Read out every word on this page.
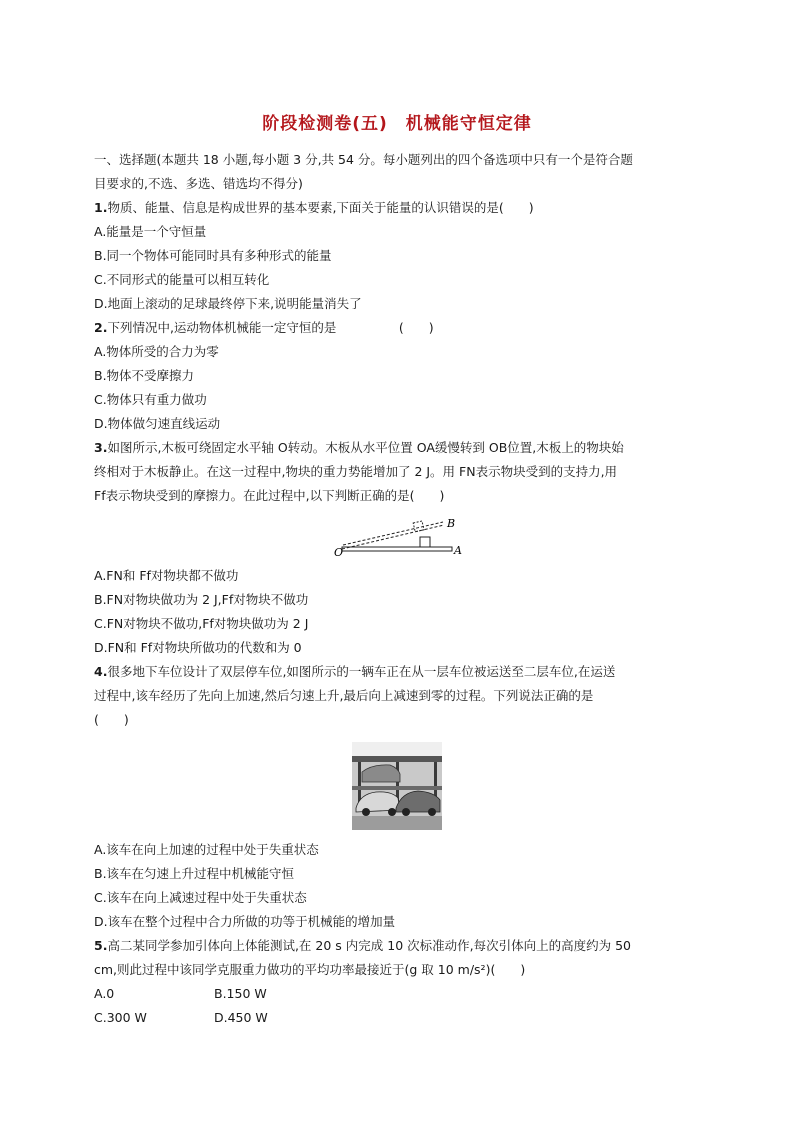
阶段检测卷(五)　机械能守恒定律
一、选择题(本题共 18 小题,每小题 3 分,共 54 分。每小题列出的四个备选项中只有一个是符合题
目要求的,不选、多选、错选均不得分)
1.物质、能量、信息是构成世界的基本要素,下面关于能量的认识错误的是(　　)
A.能量是一个守恒量
B.同一个物体可能同时具有多种形式的能量
C.不同形式的能量可以相互转化
D.地面上滚动的足球最终停下来,说明能量消失了
2.下列情况中,运动物体机械能一定守恒的是　　　　　(　　)
A.物体所受的合力为零
B.物体不受摩擦力
C.物体只有重力做功
D.物体做匀速直线运动
3.如图所示,木板可绕固定水平轴 O转动。木板从水平位置 OA缓慢转到 OB位置,木板上的物块始
终相对于木板静止。在这一过程中,物块的重力势能增加了 2 J。用 FN表示物块受到的支持力,用
Ff表示物块受到的摩擦力。在此过程中,以下判断正确的是(　　)
O	A
B
A.FN和 Ff对物块都不做功
B.FN对物块做功为 2 J,Ff对物块不做功
C.FN对物块不做功,Ff对物块做功为 2 J
D.FN和 Ff对物块所做功的代数和为 0
4.很多地下车位设计了双层停车位,如图所示的一辆车正在从一层车位被运送至二层车位,在运送
过程中,该车经历了先向上加速,然后匀速上升,最后向上减速到零的过程。下列说法正确的是
(　　)
A.该车在向上加速的过程中处于失重状态
B.该车在匀速上升过程中机械能守恒
C.该车在向上减速过程中处于失重状态
D.该车在整个过程中合力所做的功等于机械能的增加量
5.高二某同学参加引体向上体能测试,在 20 s 内完成 10 次标准动作,每次引体向上的高度约为 50
cm,则此过程中该同学克服重力做功的平均功率最接近于(g 取 10 m/s²)(　　)
A.0	B.150 W
C.300 W	D.450 W
